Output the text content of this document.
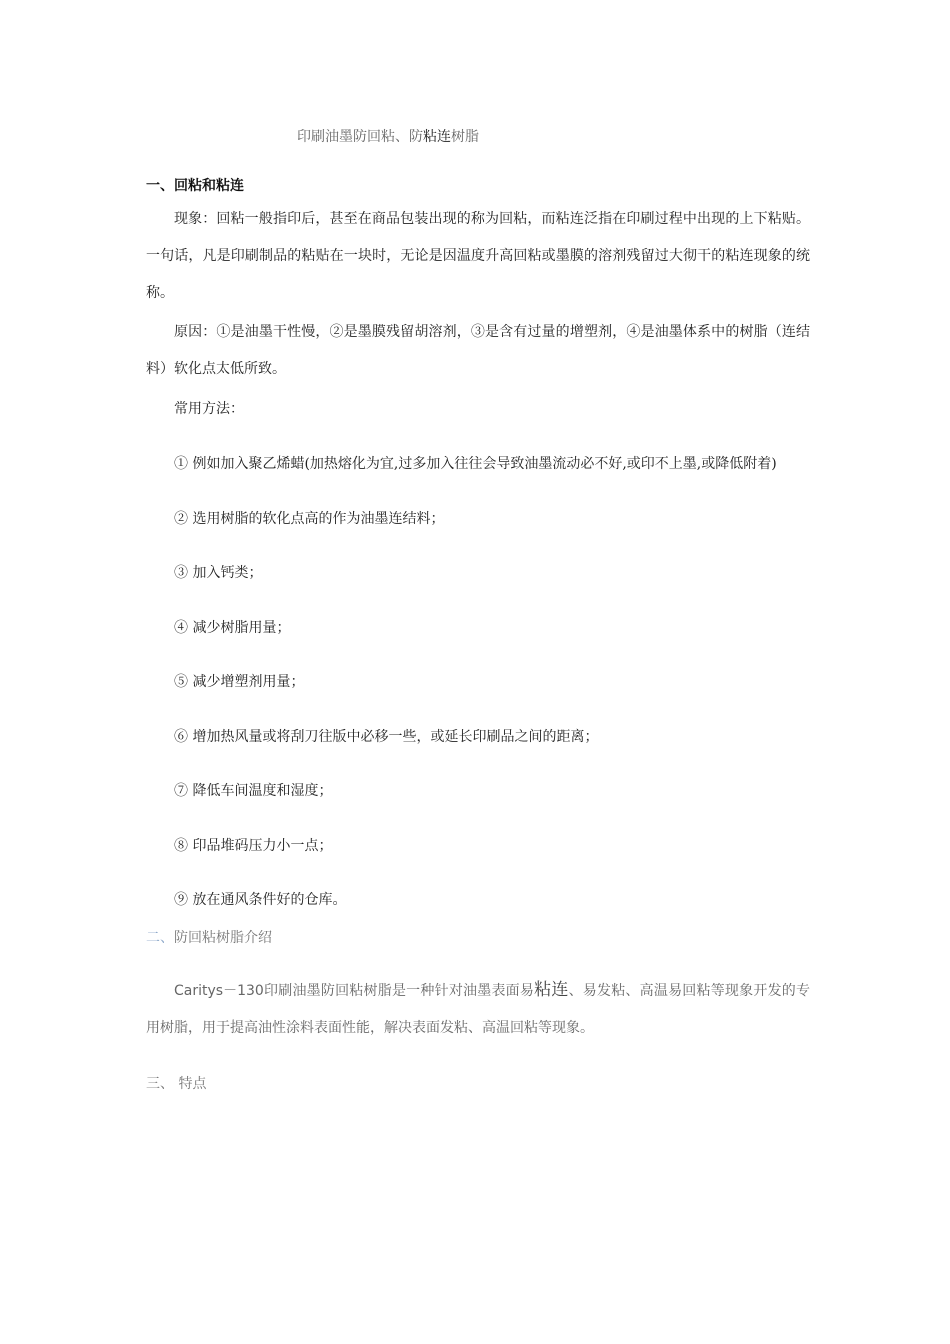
印刷油墨防回粘、防粘连树脂
一、回粘和粘连
现象：回粘一般指印后，甚至在商品包装出现的称为回粘，而粘连泛指在印刷过程中出现的上下粘贴。一句话，凡是印刷制品的粘贴在一块时，无论是因温度升高回粘或墨膜的溶剂残留过大彻干的粘连现象的统称。
原因：①是油墨干性慢，②是墨膜残留胡溶剂，③是含有过量的增塑剂，④是油墨体系中的树脂（连结料）软化点太低所致。
常用方法：
① 例如加入聚乙烯蜡(加热熔化为宜,过多加入往往会导致油墨流动必不好,或印不上墨,或降低附着)
② 选用树脂的软化点高的作为油墨连结料；
③ 加入钙类；
④ 减少树脂用量；
⑤ 减少增塑剂用量；
⑥ 增加热风量或将刮刀往版中必移一些，或延长印刷品之间的距离；
⑦ 降低车间温度和湿度；
⑧ 印品堆码压力小一点；
⑨ 放在通风条件好的仓库。
二、防回粘树脂介绍
Caritys－130印刷油墨防回粘树脂是一种针对油墨表面易粘连、易发粘、高温易回粘等现象开发的专用树脂，用于提高油性涂料表面性能，解决表面发粘、高温回粘等现象。
三、 特点
